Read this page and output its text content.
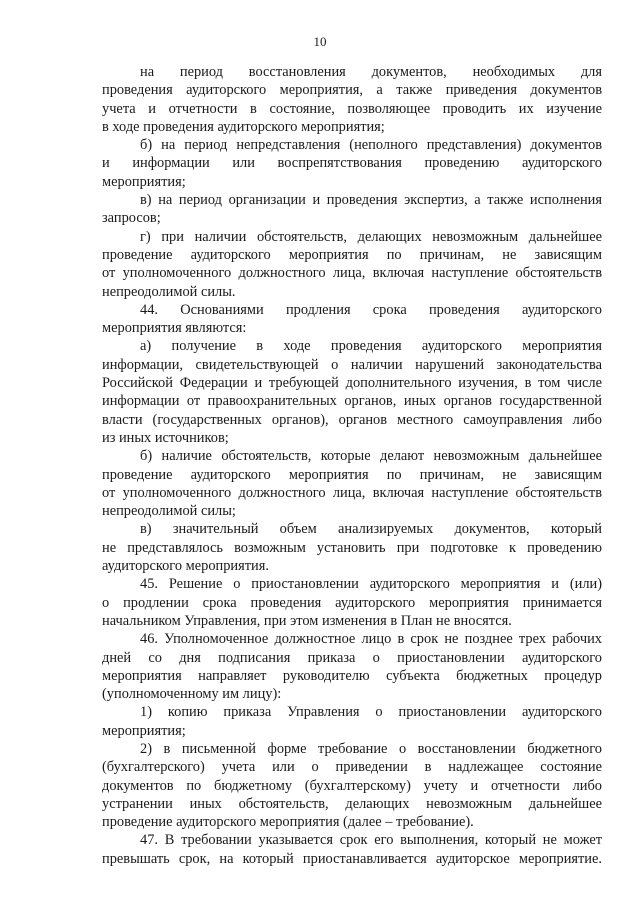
10
на период восстановления документов, необходимых для
проведения аудиторского мероприятия, а также приведения документов
учета и отчетности в состояние, позволяющее проводить их изучение
в ходе проведения аудиторского мероприятия;
б) на период непредставления (неполного представления) документов
и информации или воспрепятствования проведению аудиторского
мероприятия;
в) на период организации и проведения экспертиз, а также исполнения
запросов;
г) при наличии обстоятельств, делающих невозможным дальнейшее
проведение аудиторского мероприятия по причинам, не зависящим
от уполномоченного должностного лица, включая наступление обстоятельств
непреодолимой силы.
44. Основаниями продления срока проведения аудиторского
мероприятия являются:
а) получение в ходе проведения аудиторского мероприятия
информации, свидетельствующей о наличии нарушений законодательства
Российской Федерации и требующей дополнительного изучения, в том числе
информации от правоохранительных органов, иных органов государственной
власти (государственных органов), органов местного самоуправления либо
из иных источников;
б) наличие обстоятельств, которые делают невозможным дальнейшее
проведение аудиторского мероприятия по причинам, не зависящим
от уполномоченного должностного лица, включая наступление обстоятельств
непреодолимой силы;
в) значительный объем анализируемых документов, который
не представлялось возможным установить при подготовке к проведению
аудиторского мероприятия.
45. Решение о приостановлении аудиторского мероприятия и (или)
о продлении срока проведения аудиторского мероприятия принимается
начальником Управления, при этом изменения в План не вносятся.
46. Уполномоченное должностное лицо в срок не позднее трех рабочих
дней со дня подписания приказа о приостановлении аудиторского
мероприятия направляет руководителю субъекта бюджетных процедур
(уполномоченному им лицу):
1) копию приказа Управления о приостановлении аудиторского
мероприятия;
2) в письменной форме требование о восстановлении бюджетного
(бухгалтерского) учета или о приведении в надлежащее состояние
документов по бюджетному (бухгалтерскому) учету и отчетности либо
устранении иных обстоятельств, делающих невозможным дальнейшее
проведение аудиторского мероприятия (далее – требование).
47. В требовании указывается срок его выполнения, который не может
превышать срок, на который приостанавливается аудиторское мероприятие.
